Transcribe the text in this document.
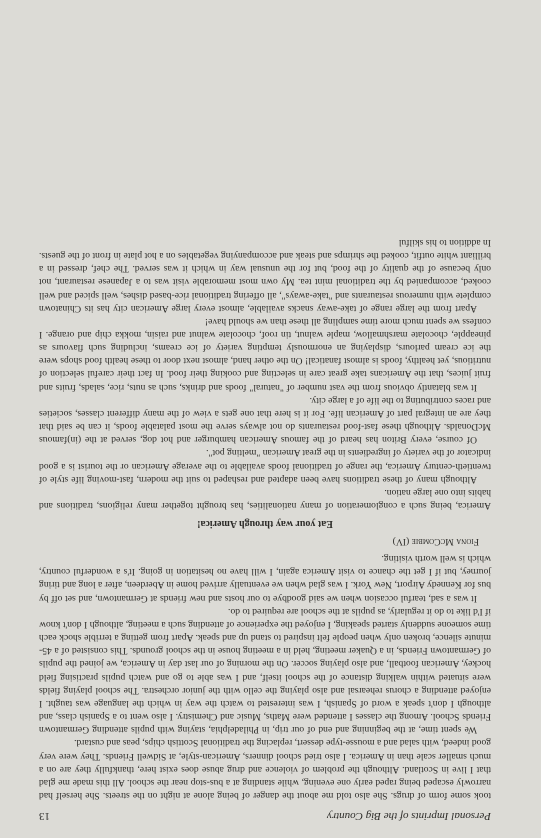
Personal Imprints of the Big Country
13

took some form of drugs. She also told me about the danger of being alone at night on the streets. She herself had narrowly escaped being raped early one evening, while standing at a bus-stop near the school. All this made me glad that I live in Scotland. Although the problem of violence and drug abuse does exist here, thankfully they are on a much smaller scale than in America. I also tried school dinners, American-style, at Sidwell Friends. They were very good indeed, with salad and a mousse-type dessert, replacing the traditional Scottish chips, peas and custard.

We spent time, at the beginning and end of our trip, in Philadelphia, staying with pupils attending Germantown Friends School. Among the classes I attended were Maths, Music and Chemistry. I also went to a Spanish class, and although I don't speak a word of Spanish, I was interested to watch the way in which the language was taught. I enjoyed attending a chorus rehearsal and also playing the cello with the junior orchestra. The school playing fields were situated within walking distance of the school itself, and I was able to go and watch pupils practising field hockey, American football, and also playing soccer. On the morning of our last day in America, we joined the pupils of Germantown Friends, in a Quaker meeting, held in a meeting house in the school grounds. This consisted of a 45-minute silence, broken only when people felt inspired to stand up and speak. Apart from getting a terrible shock each time someone suddenly started speaking, I enjoyed the experience of attending such a meeting, although I don't know if I'd like to do it regularly, as pupils at the school are required to do.

It was a sad, tearful occasion when we said goodbye to our hosts and new friends at Germantown, and set off by bus for Kennedy Airport, New York. I was glad when we eventually arrived home in Aberdeen, after a long and tiring journey, but if I get the chance to visit America again, I will have no hesitation in going. It's a wonderful country, which is well worth visiting.

Fiona McCombie (IV)
Eat your way through America!

America, being such a conglomeration of many nationalities, has brought together many religions, traditions and habits into one large nation.

Although many of these traditions have been adapted and reshaped to suit the modern, fast-moving life style of twentieth-century America, the range of traditional foods available to the average American or the tourist is a good indicator of the variety of ingredients in the great American "melting pot".

Of course, every Briton has heard of the famous American hamburger and hot dog, served at the (in)famous McDonalds. Although these fast-food restaurants do not always serve the most palatable foods, it can be said that they are an integral part of American life. For it is here that one gets a view of the many different classes, societies and races contributing to the life of a large city.

It was blatantly obvious from the vast number of "natural" foods and drinks, such as nuts, rice, salads, fruits and fruit juices, that the Americans take great care in selecting and cooking their food. In fact their careful selection of nutritious, yet healthy, foods is almost fanatical! On the other hand, almost next door to these health food shops were the ice cream parlours, displaying an enormously tempting variety of ice creams, including such flavours as pineapple, chocolate marshmallow, maple walnut, tin roof, chocolate walnut and raisin, mokka chip and orange. I confess we spent much more time sampling all these than we should have!

Apart from the large range of take-away snacks available, almost every large American city has its Chinatown complete with numerous restaurants and "take-aways", all offering traditional rice-based dishes, well spiced and well cooked, accompanied by the traditional mint tea. My own most memorable visit was to a Japanese restaurant, not only because of the quality of the food, but for the unusual way in which it was served. The chef, dressed in a brilliant white outfit, cooked the shrimps and steak and accompanying vegetables on a hot plate in front of the guests. In addition to his skilful
